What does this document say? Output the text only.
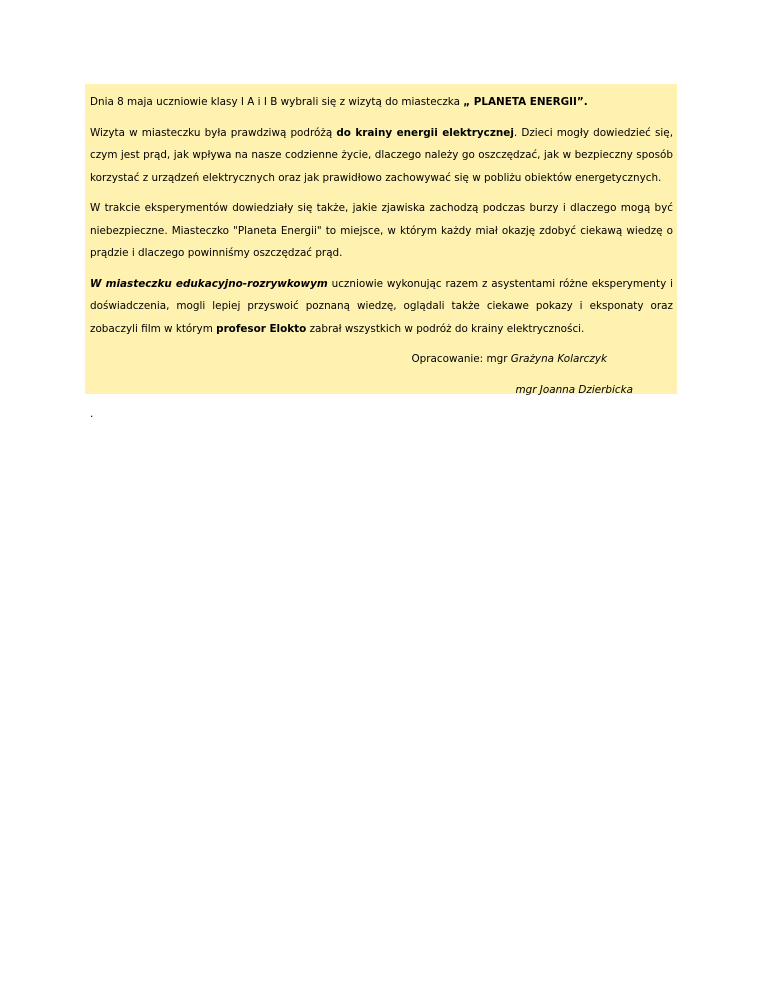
Dnia 8 maja uczniowie klasy I A i I B wybrali się z wizytą do miasteczka „ PLANETA ENERGII”.

Wizyta w miasteczku była prawdziwą podróżą do krainy energii elektrycznej. Dzieci mogły dowiedzieć się, czym jest prąd, jak wpływa na nasze codzienne życie, dlaczego należy go oszczędzać, jak w bezpieczny sposób korzystać z urządzeń elektrycznych oraz jak prawidłowo zachowywać się w pobliżu obiektów energetycznych.

W trakcie eksperymentów dowiedziały się także, jakie zjawiska zachodzą podczas burzy i dlaczego mogą być niebezpieczne. Miasteczko "Planeta Energii" to miejsce, w którym każdy miał okazję zdobyć ciekawą wiedzę o prądzie i dlaczego powinniśmy oszczędzać prąd.

W miasteczku edukacyjno-rozrywkowym uczniowie wykonując razem z asystentami różne eksperymenty i doświadczenia, mogli lepiej przyswoić poznaną wiedzę, oglądali także ciekawe pokazy i eksponaty oraz zobaczyli film w którym profesor Elokto zabrał wszystkich w podróż do krainy elektryczności.

Opracowanie: mgr Grażyna Kolarczyk

mgr Joanna Dzierbicka

.
